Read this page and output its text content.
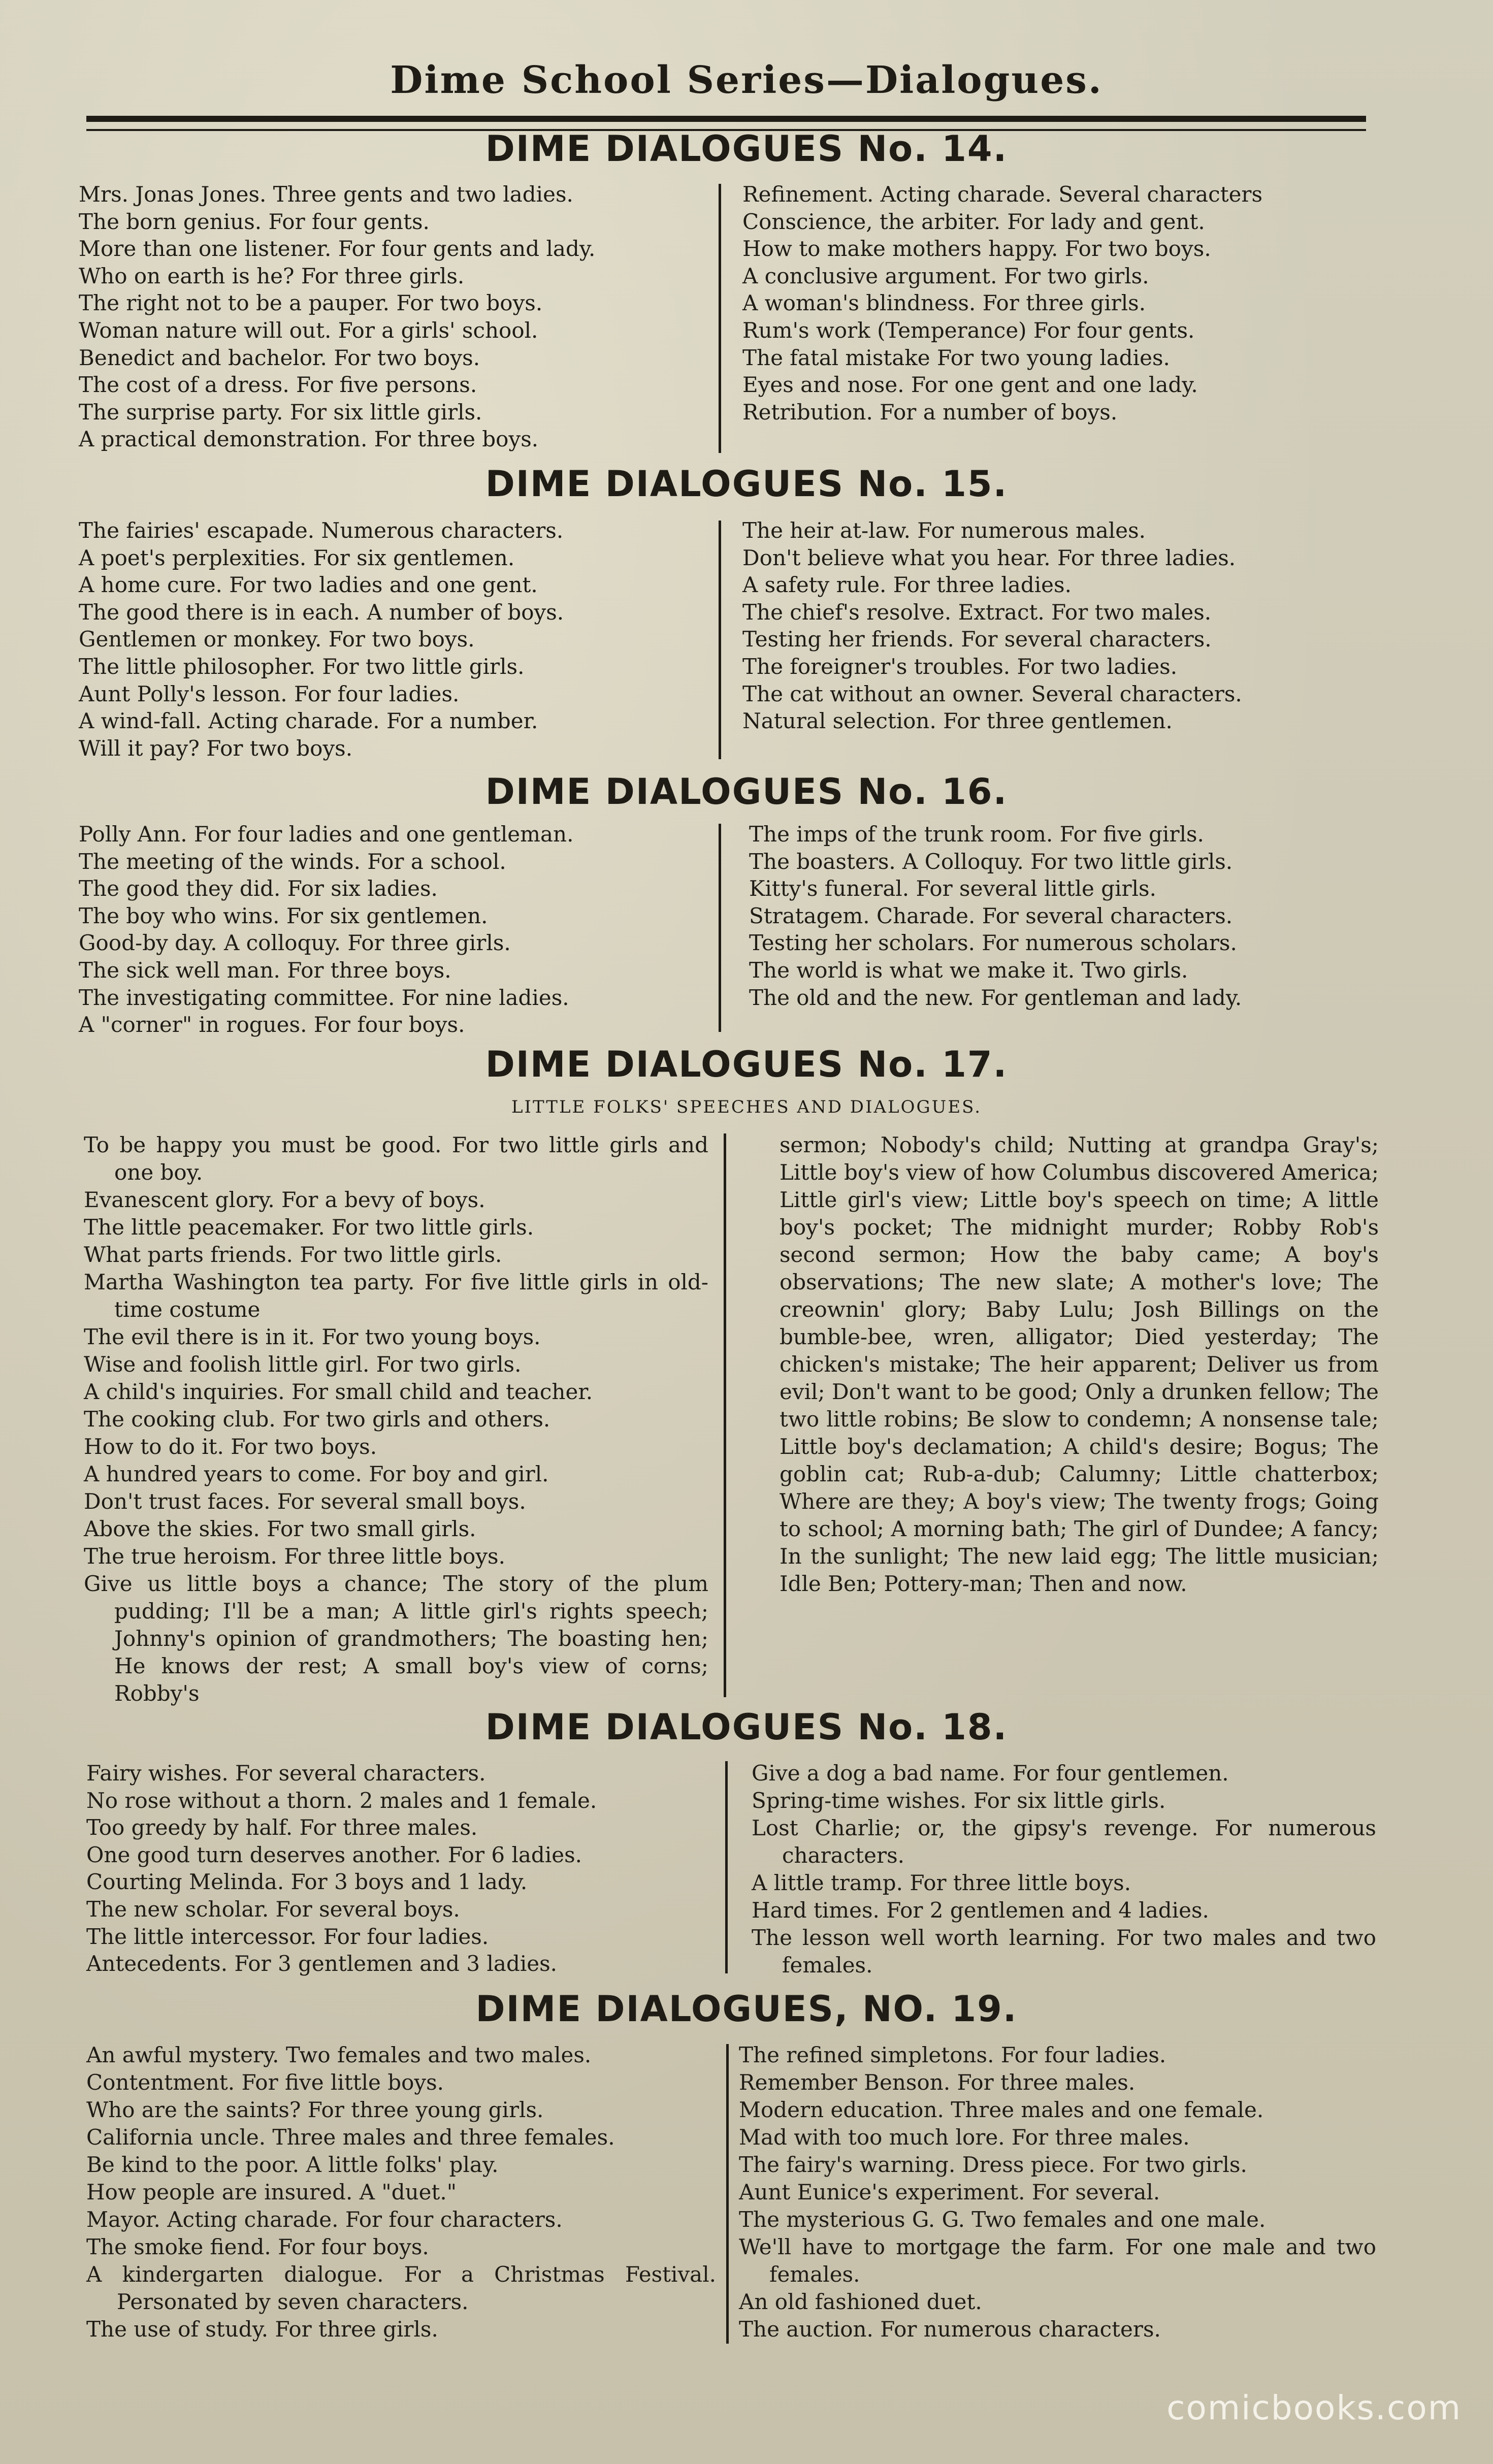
Dime School Series—Dialogues.
DIME DIALOGUES No. 14.
Mrs. Jonas Jones. Three gents and two ladies.
The born genius. For four gents.
More than one listener. For four gents and lady.
Who on earth is he? For three girls.
The right not to be a pauper. For two boys.
Woman nature will out. For a girls' school.
Benedict and bachelor. For two boys.
The cost of a dress. For five persons.
The surprise party. For six little girls.
A practical demonstration. For three boys.
Refinement. Acting charade. Several characters
Conscience, the arbiter. For lady and gent.
How to make mothers happy. For two boys.
A conclusive argument. For two girls.
A woman's blindness. For three girls.
Rum's work (Temperance) For four gents.
The fatal mistake For two young ladies.
Eyes and nose. For one gent and one lady.
Retribution. For a number of boys.
DIME DIALOGUES No. 15.
The fairies' escapade. Numerous characters.
A poet's perplexities. For six gentlemen.
A home cure. For two ladies and one gent.
The good there is in each. A number of boys.
Gentlemen or monkey. For two boys.
The little philosopher. For two little girls.
Aunt Polly's lesson. For four ladies.
A wind-fall. Acting charade. For a number.
Will it pay? For two boys.
The heir at-law. For numerous males.
Don't believe what you hear. For three ladies.
A safety rule. For three ladies.
The chief's resolve. Extract. For two males.
Testing her friends. For several characters.
The foreigner's troubles. For two ladies.
The cat without an owner. Several characters.
Natural selection. For three gentlemen.
DIME DIALOGUES No. 16.
Polly Ann. For four ladies and one gentleman.
The meeting of the winds. For a school.
The good they did. For six ladies.
The boy who wins. For six gentlemen.
Good-by day. A colloquy. For three girls.
The sick well man. For three boys.
The investigating committee. For nine ladies.
A "corner" in rogues. For four boys.
The imps of the trunk room. For five girls.
The boasters. A Colloquy. For two little girls.
Kitty's funeral. For several little girls.
Stratagem. Charade. For several characters.
Testing her scholars. For numerous scholars.
The world is what we make it. Two girls.
The old and the new. For gentleman and lady.
DIME DIALOGUES No. 17.
LITTLE FOLKS' SPEECHES AND DIALOGUES.
To be happy you must be good. For two little girls and one boy.
Evanescent glory. For a bevy of boys.
The little peacemaker. For two little girls.
What parts friends. For two little girls.
Martha Washington tea party. For five little girls in old-time costume
The evil there is in it. For two young boys.
Wise and foolish little girl. For two girls.
A child's inquiries. For small child and teacher.
The cooking club. For two girls and others.
How to do it. For two boys.
A hundred years to come. For boy and girl.
Don't trust faces. For several small boys.
Above the skies. For two small girls.
The true heroism. For three little boys.
Give us little boys a chance; The story of the plum pudding; I'll be a man; A little girl's rights speech; Johnny's opinion of grandmothers; The boasting hen; He knows der rest; A small boy's view of corns; Robby's

sermon; Nobody's child; Nutting at grandpa Gray's; Little boy's view of how Columbus discovered America; Little girl's view; Little boy's speech on time; A little boy's pocket; The midnight murder; Robby Rob's second sermon; How the baby came; A boy's observations; The new slate; A mother's love; The creownin' glory; Baby Lulu; Josh Billings on the bumble-bee, wren, alligator; Died yesterday; The chicken's mistake; The heir apparent; Deliver us from evil; Don't want to be good; Only a drunken fellow; The two little robins; Be slow to condemn; A nonsense tale; Little boy's declamation; A child's desire; Bogus; The goblin cat; Rub-a-dub; Calumny; Little chatterbox; Where are they; A boy's view; The twenty frogs; Going to school; A morning bath; The girl of Dundee; A fancy; In the sunlight; The new laid egg; The little musician; Idle Ben; Pottery-man; Then and now.

DIME DIALOGUES No. 18.
Fairy wishes. For several characters.
No rose without a thorn. 2 males and 1 female.
Too greedy by half. For three males.
One good turn deserves another. For 6 ladies.
Courting Melinda. For 3 boys and 1 lady.
The new scholar. For several boys.
The little intercessor. For four ladies.
Antecedents. For 3 gentlemen and 3 ladies.
Give a dog a bad name. For four gentlemen.
Spring-time wishes. For six little girls.
Lost Charlie; or, the gipsy's revenge. For numerous characters.
A little tramp. For three little boys.
Hard times. For 2 gentlemen and 4 ladies.
The lesson well worth learning. For two males and two females.
DIME DIALOGUES, NO. 19.
An awful mystery. Two females and two males.
Contentment. For five little boys.
Who are the saints? For three young girls.
California uncle. Three males and three females.
Be kind to the poor. A little folks' play.
How people are insured. A "duet."
Mayor. Acting charade. For four characters.
The smoke fiend. For four boys.
A kindergarten dialogue. For a Christmas Festival. Personated by seven characters.
The use of study. For three girls.
The refined simpletons. For four ladies.
Remember Benson. For three males.
Modern education. Three males and one female.
Mad with too much lore. For three males.
The fairy's warning. Dress piece. For two girls.
Aunt Eunice's experiment. For several.
The mysterious G. G. Two females and one male.
We'll have to mortgage the farm. For one male and two females.
An old fashioned duet.
The auction. For numerous characters.
comicbooks.com
